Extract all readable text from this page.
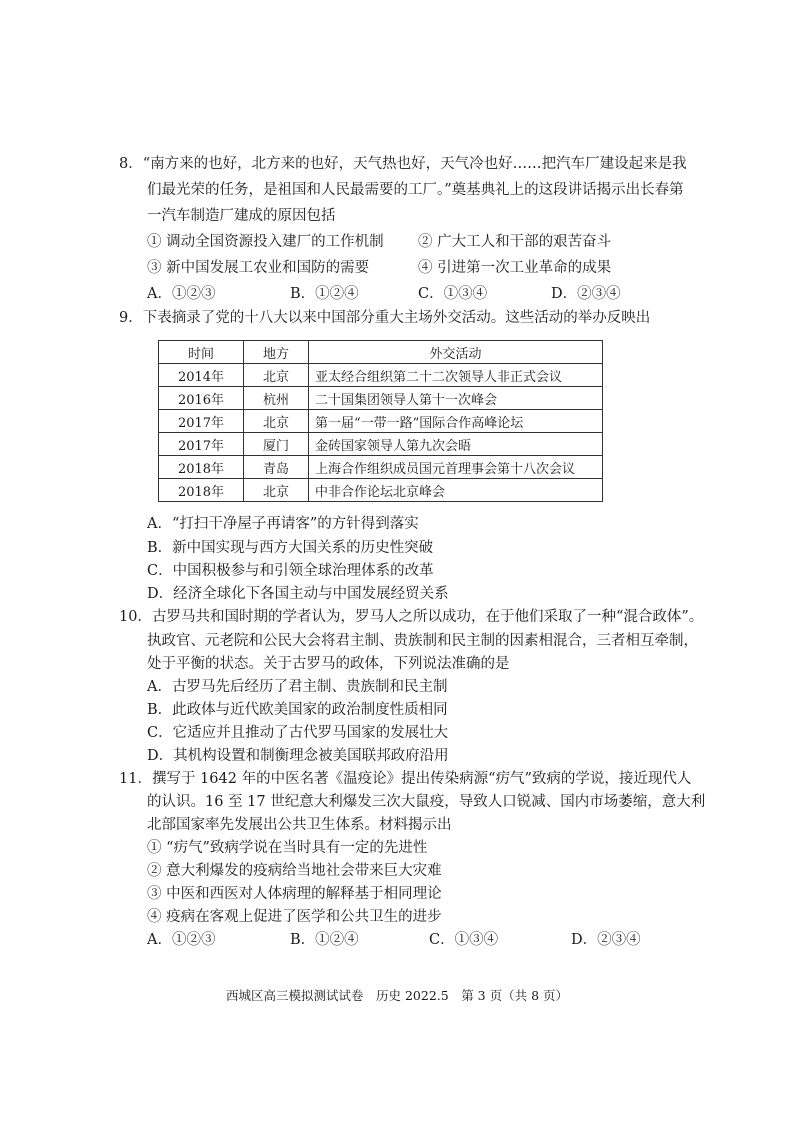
8．“南方来的也好，北方来的也好，天气热也好，天气冷也好……把汽车厂建设起来是我
们最光荣的任务，是祖国和人民最需要的工厂。”奠基典礼上的这段讲话揭示出长春第
一汽车制造厂建成的原因包括
① 调动全国资源投入建厂的工作机制 ② 广大工人和干部的艰苦奋斗
③ 新中国发展工农业和国防的需要	④ 引进第一次工业革命的成果
A．①②③	B．①②④	C．①③④	D．②③④
9．下表摘录了党的十八大以来中国部分重大主场外交活动。这些活动的举办反映出
时间	地方	外交活动
2014年	北京	亚太经合组织第二十二次领导人非正式会议
2016年	杭州	二十国集团领导人第十一次峰会
2017年	北京	第一届“一带一路”国际合作高峰论坛
2017年	厦门	金砖国家领导人第九次会晤
2018年	青岛	上海合作组织成员国元首理事会第十八次会议
2018年	北京	中非合作论坛北京峰会
A．“打扫干净屋子再请客”的方针得到落实
B．新中国实现与西方大国关系的历史性突破
C．中国积极参与和引领全球治理体系的改革
D．经济全球化下各国主动与中国发展经贸关系
10．古罗马共和国时期的学者认为，罗马人之所以成功，在于他们采取了一种“混合政体”。
执政官、元老院和公民大会将君主制、贵族制和民主制的因素相混合，三者相互牵制，
处于平衡的状态。关于古罗马的政体，下列说法准确的是
A．古罗马先后经历了君主制、贵族制和民主制
B．此政体与近代欧美国家的政治制度性质相同
C．它适应并且推动了古代罗马国家的发展壮大
D．其机构设置和制衡理念被美国联邦政府沿用
11．撰写于 1642 年的中医名著《温疫论》提出传染病源“疠气”致病的学说，接近现代人
的认识。16 至 17 世纪意大利爆发三次大鼠疫，导致人口锐减、国内市场萎缩，意大利
北部国家率先发展出公共卫生体系。材料揭示出
① “疠气”致病学说在当时具有一定的先进性
② 意大利爆发的疫病给当地社会带来巨大灾难
③ 中医和西医对人体病理的解释基于相同理论
④ 疫病在客观上促进了医学和公共卫生的进步
A．①②③	B．①②④	C．①③④	D．②③④
西城区高三模拟测试试卷　历史 2022.5　第 3 页（共 8 页）
